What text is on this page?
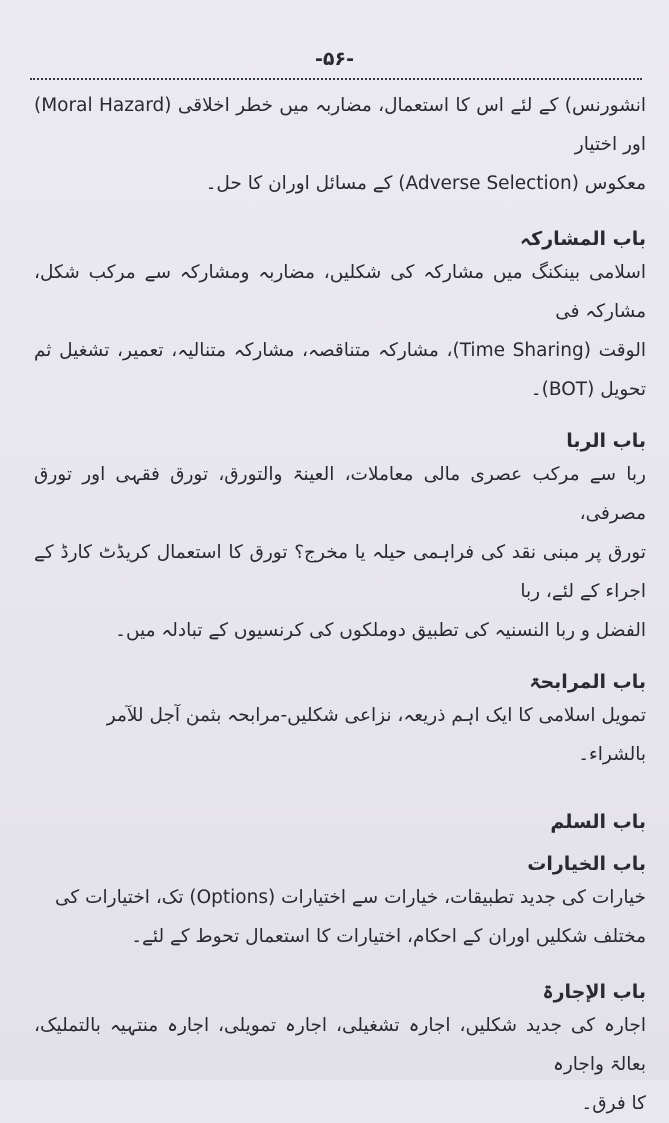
-۵۶-

انشورنس) کے لئے اس کا استعمال، مضاربہ میں خطر اخلاقی (Moral Hazard) اور اختیار

معکوس (Adverse Selection) کے مسائل اوران کا حل۔

باب المشارکہ

اسلامی بینکنگ میں مشارکہ کی شکلیں، مضاربہ ومشارکہ سے مرکب شکل، مشارکہ فی

الوقت (Time Sharing)، مشارکہ متناقصہ، مشارکہ متنالیہ، تعمیر، تشغیل ثم تحویل (BOT)۔

باب الربا

ربا سے مرکب عصری مالی معاملات، العینۃ والتورق، تورق فقہی اور تورق مصرفی،

تورق پر مبنی نقد کی فراہمی حیلہ یا مخرج؟ تورق کا استعمال کریڈٹ کارڈ کے اجراء کے لئے، ربا

الفضل و ربا النسنیہ کی تطبیق دوملکوں کی کرنسیوں کے تبادلہ میں۔

باب المرابحۃ

تمویل اسلامی کا ایک اہم ذریعہ، نزاعی شکلیں-مرابحہ بثمن آجل للآمر

بالشراء۔

باب السلم
باب الخیارات

خیارات کی جدید تطبیقات، خیارات سے اختیارات (Options) تک، اختیارات کی

مختلف شکلیں اوران کے احکام، اختیارات کا استعمال تحوط کے لئے۔

باب الإجارۃ

اجارہ کی جدید شکلیں، اجارہ تشغیلی، اجارہ تمویلی، اجارہ منتہیہ بالتملیک، بعالۃ واجارہ

کا فرق۔
